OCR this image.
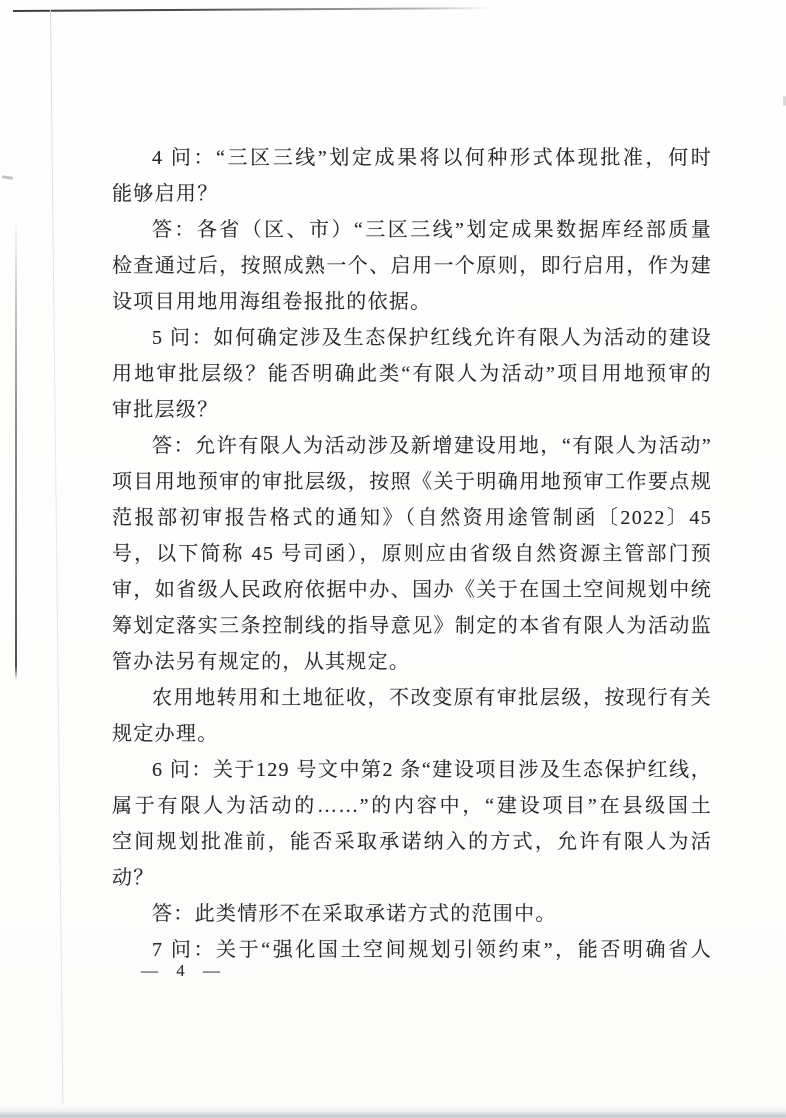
4 问：“三区三线”划定成果将以何种形式体现批准，何时
能够启用？
答：各省（区、市）“三区三线”划定成果数据库经部质量
检查通过后，按照成熟一个、启用一个原则，即行启用，作为建
设项目用地用海组卷报批的依据。
5 问：如何确定涉及生态保护红线允许有限人为活动的建设
用地审批层级？能否明确此类“有限人为活动”项目用地预审的
审批层级？
答：允许有限人为活动涉及新增建设用地，“有限人为活动”
项目用地预审的审批层级，按照《关于明确用地预审工作要点规
范报部初审报告格式的通知》（自然资用途管制函〔2022〕45
号，以下简称 45 号司函），原则应由省级自然资源主管部门预
审，如省级人民政府依据中办、国办《关于在国土空间规划中统
筹划定落实三条控制线的指导意见》制定的本省有限人为活动监
管办法另有规定的，从其规定。
农用地转用和土地征收，不改变原有审批层级，按现行有关
规定办理。
6 问：关于129 号文中第2 条“建设项目涉及生态保护红线，
属于有限人为活动的……”的内容中，“建设项目”在县级国土
空间规划批准前，能否采取承诺纳入的方式，允许有限人为活
动？
答：此类情形不在采取承诺方式的范围中。
7 问：关于“强化国土空间规划引领约束”，能否明确省人
— 4 —
